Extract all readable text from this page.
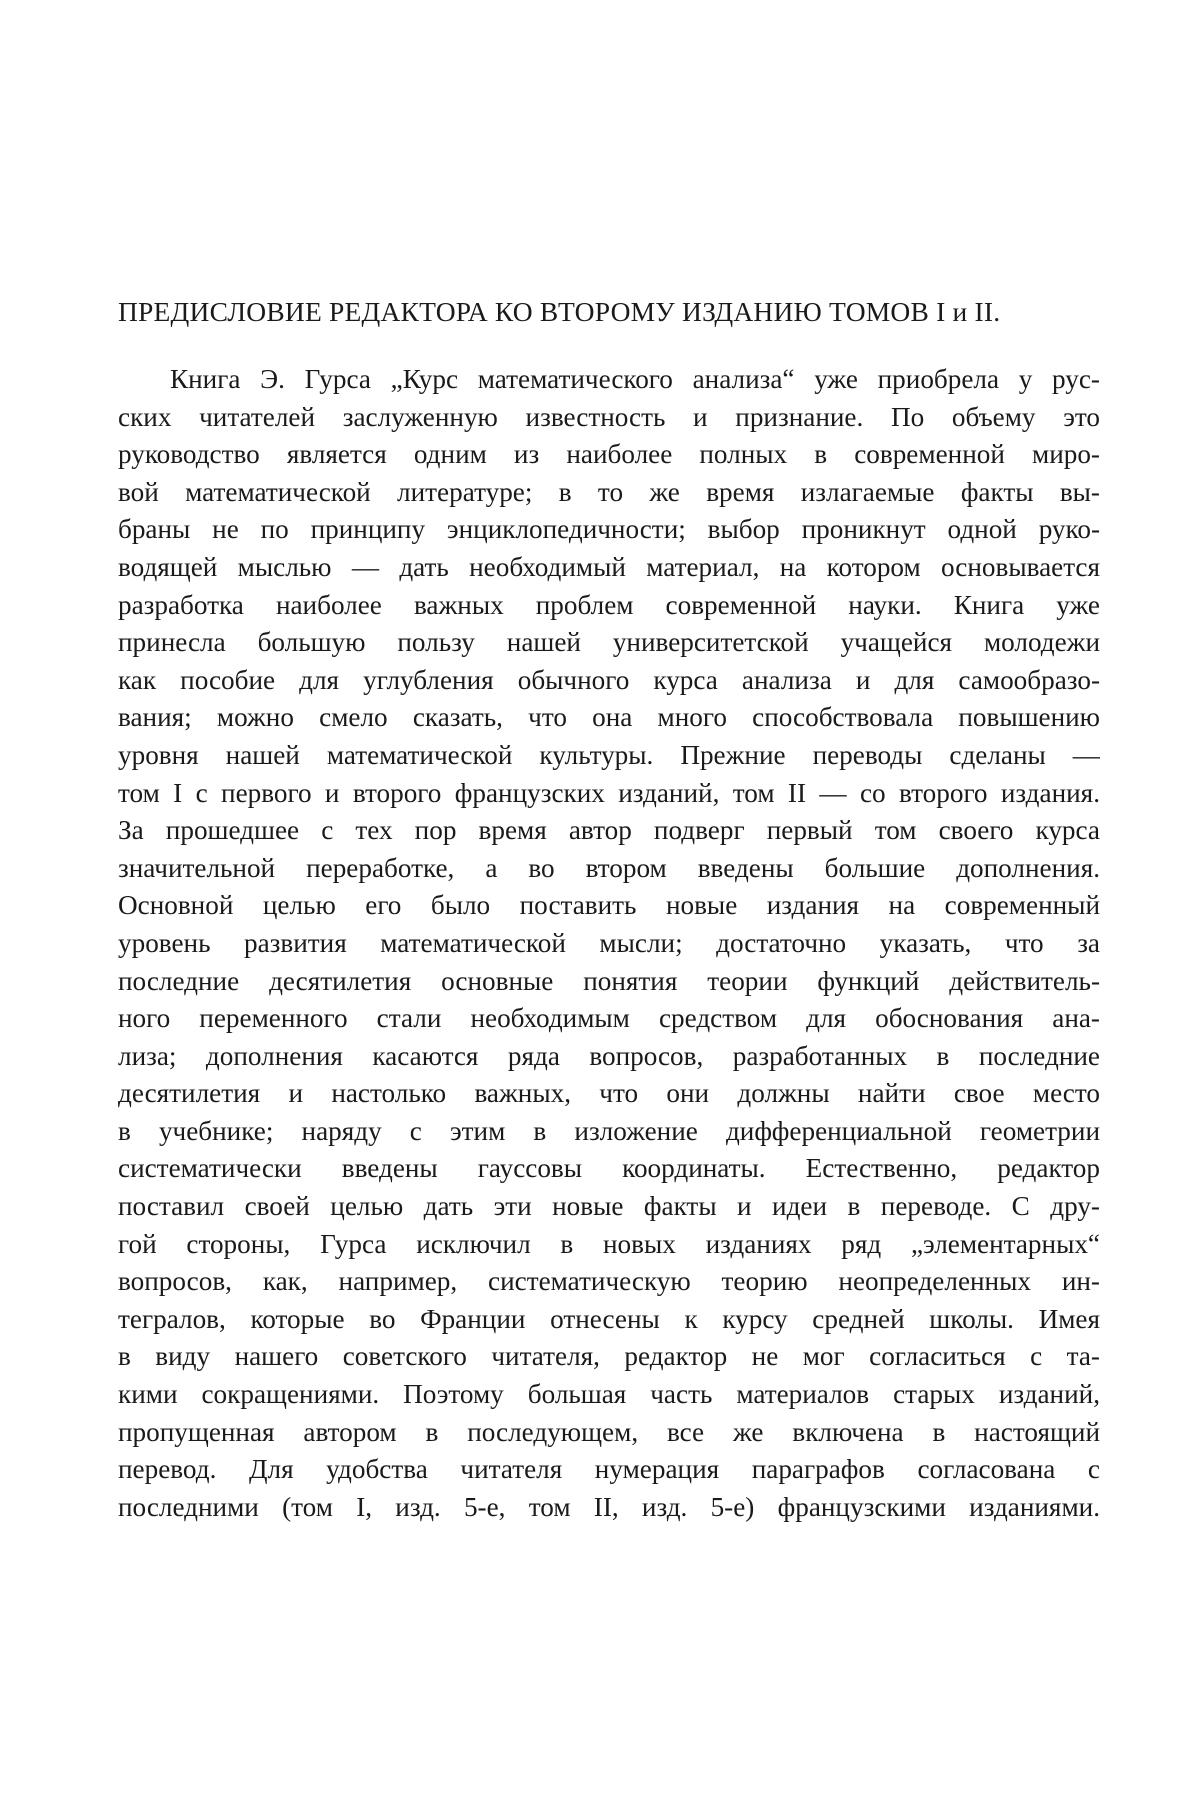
ПРЕДИСЛОВИЕ РЕДАКТОРА КО ВТОРОМУ ИЗДАНИЮ ТОМОВ I и II.
Книга Э. Гурса „Курс математического анализа“ уже приобрела у рус-
ских читателей заслуженную известность и признание. По объему это
руководство является одним из наиболее полных в современной миро-
вой математической литературе; в то же время излагаемые факты вы-
браны не по принципу энциклопедичности; выбор проникнут одной руко-
водящей мыслью — дать необходимый материал, на котором основывается
разработка наиболее важных проблем современной науки. Книга уже
принесла большую пользу нашей университетской учащейся молодежи
как пособие для углубления обычного курса анализа и для самообразо-
вания; можно смело сказать, что она много способствовала повышению
уровня нашей математической культуры. Прежние переводы сделаны —
том I с первого и второго французских изданий, том II — со второго издания.
За прошедшее с тех пор время автор подверг первый том своего курса
значительной переработке, а во втором введены большие дополнения.
Основной целью его было поставить новые издания на современный
уровень развития математической мысли; достаточно указать, что за
последние десятилетия основные понятия теории функций действитель-
ного переменного стали необходимым средством для обоснования ана-
лиза; дополнения касаются ряда вопросов, разработанных в последние
десятилетия и настолько важных, что они должны найти свое место
в учебнике; наряду с этим в изложение дифференциальной геометрии
систематически введены гауссовы координаты. Естественно, редактор
поставил своей целью дать эти новые факты и идеи в переводе. С дру-
гой стороны, Гурса исключил в новых изданиях ряд „элементарных“
вопросов, как, например, систематическую теорию неопределенных ин-
тегралов, которые во Франции отнесены к курсу средней школы. Имея
в виду нашего советского читателя, редактор не мог согласиться с та-
кими сокращениями. Поэтому большая часть материалов старых изданий,
пропущенная автором в последующем, все же включена в настоящий
перевод. Для удобства читателя нумерация параграфов согласована с
последними (том I, изд. 5-е, том II, изд. 5-е) французскими изданиями.
